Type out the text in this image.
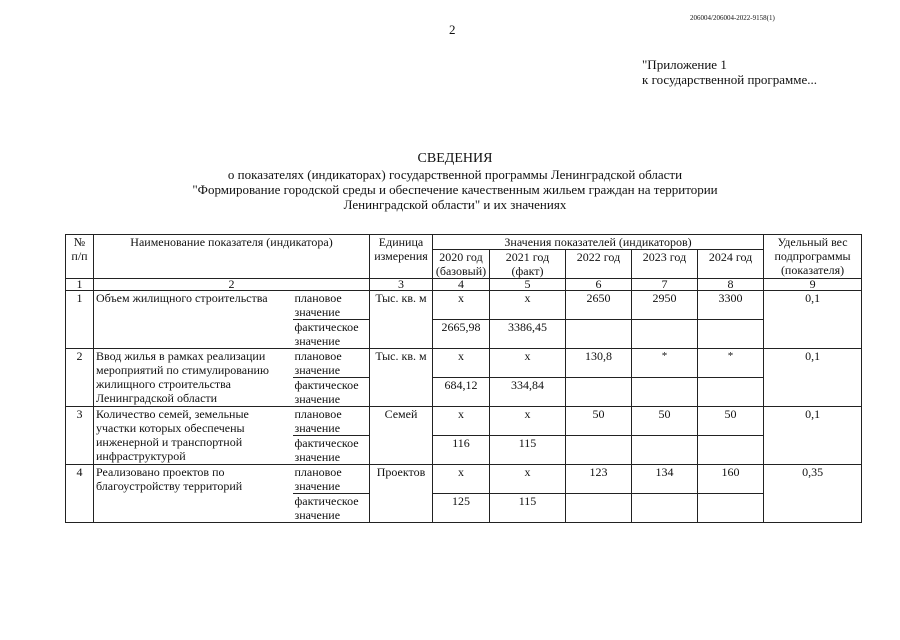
206004/206004-2022-9158(1)
2
"Приложение 1
к государственной программе...
СВЕДЕНИЯ
о показателях (индикаторах) государственной программы Ленинградской области
"Формирование городской среды и обеспечение качественным жильем граждан на территории
Ленинградской области" и их значениях
№ п/п	Наименование показателя (индикатора)		Единица измерения	Значения показателей (индикаторов)					Удельный вес подпрограммы (показателя)
				2020 год (базовый)	2021 год (факт)	2022 год	2023 год	2024 год	
1	2		3	4	5	6	7	8	9
1	Объем жилищного строительства	плановое значение	Тыс. кв. м	х	х	2650	2950	3300	0,1
		фактическое значение		2665,98	3386,45				
2	Ввод жилья в рамках реализации мероприятий по стимулированию жилищного строительства Ленинградской области	плановое значение	Тыс. кв. м	х	х	130,8	*	*	0,1
		фактическое значение		684,12	334,84				
3	Количество семей, земельные участки которых обеспечены инженерной и транспортной инфраструктурой	плановое значение	Семей	х	х	50	50	50	0,1
		фактическое значение		116	115				
4	Реализовано проектов по благоустройству территорий	плановое значение	Проектов	х	х	123	134	160	0,35
		фактическое значение		125	115				
